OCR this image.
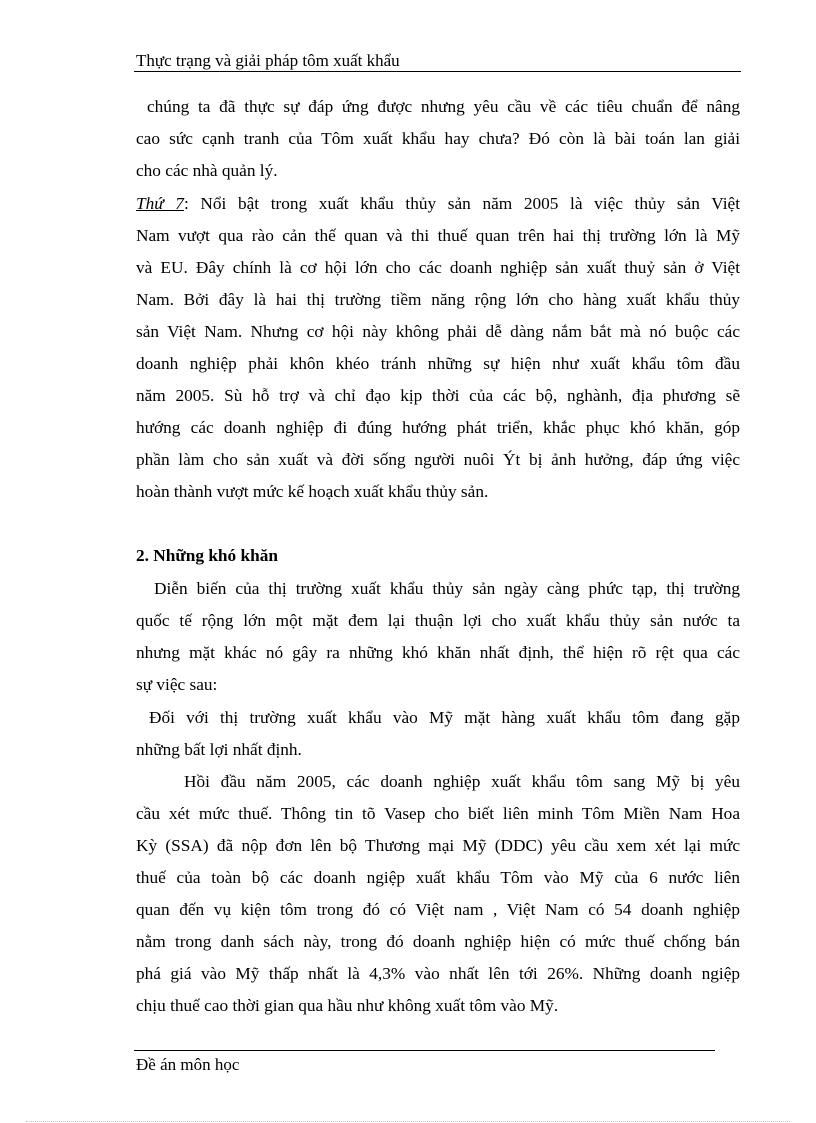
Thực trạng và giải pháp tôm xuất khẩu
chúng ta đã thực sự đáp ứng được nhưng yêu cầu về các tiêu chuẩn để nâng
cao sức cạnh tranh của Tôm xuất khẩu hay chưa? Đó còn là bài toán lan giải
cho các nhà quản lý.
Thứ 7: Nổi bật trong xuất khẩu thủy sản năm 2005 là việc thủy sản Việt
Nam vượt qua rào cản thế quan và thi thuế quan trên hai thị trường lớn là Mỹ
và EU. Đây chính là cơ hội lớn cho các doanh nghiệp sản xuất thuỷ sản ở Việt
Nam. Bởi đây là hai thị trường tiềm năng rộng lớn cho hàng xuất khẩu thủy
sản Việt Nam. Nhưng cơ hội này không phải dễ dàng nắm bắt mà nó buộc các
doanh nghiệp phải khôn khéo tránh những sự hiện như xuất khẩu tôm đầu
năm 2005. Sù hỗ trợ và chỉ đạo kịp thời của các bộ, nghành, địa phương sẽ
hướng các doanh nghiệp đi đúng hướng phát triển, khắc phục khó khăn, góp
phần làm cho sản xuất và đời sống người nuôi Ýt bị ảnh hưởng, đáp ứng việc
hoàn thành vượt mức kế hoạch xuất khẩu thủy sản.
2. Những khó khăn
Diễn biến của thị trường xuất khẩu thủy sản ngày càng phức tạp, thị trường
quốc tế rộng lớn một mặt đem lại thuận lợi cho xuất khẩu thủy sản nước ta
nhưng mặt khác nó gây ra những khó khăn nhất định, thể hiện rõ rệt qua các
sự việc sau:
Đối với thị trường xuất khẩu vào Mỹ mặt hàng xuất khẩu tôm đang gặp
những bất lợi nhất định.
Hồi đầu năm 2005, các doanh nghiệp xuất khẩu tôm sang Mỹ bị yêu
cầu xét mức thuế. Thông tin tõ Vasep cho biết liên minh Tôm Miền Nam Hoa
Kỳ (SSA) đã nộp đơn lên bộ Thương mại Mỹ (DDC) yêu cầu xem xét lại mức
thuế của toàn bộ các doanh ngiệp xuất khẩu Tôm vào Mỹ của 6 nước liên
quan đến vụ kiện tôm trong đó có Việt nam , Việt Nam có 54 doanh nghiệp
nằm trong danh sách này, trong đó doanh nghiệp hiện có mức thuế chống bán
phá giá vào Mỹ thấp nhất là 4,3% vào nhất lên tới 26%. Những doanh ngiệp
chịu thuế cao thời gian qua hầu như không xuất tôm vào Mỹ.
Đề án môn học
